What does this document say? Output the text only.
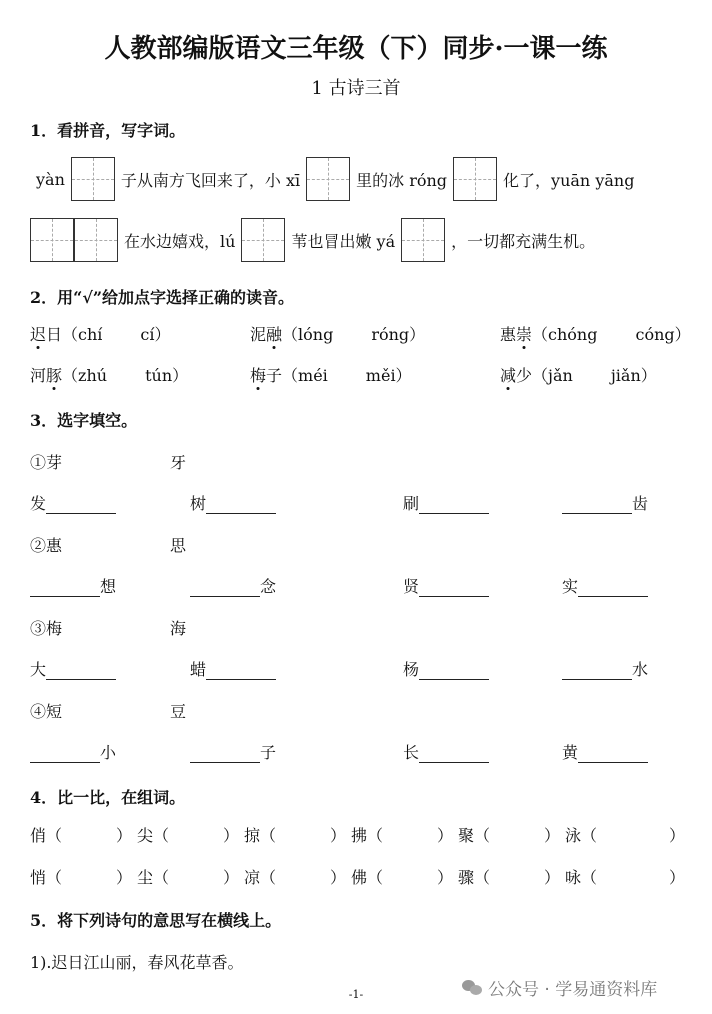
人教部编版语文三年级（下）同步·一课一练
1 古诗三首
1．看拼音，写字词。
yàn	子从南方飞回来了，小 xī	里的冰 róng	化了，yuān yāng
在水边嬉戏，lú	苇也冒出嫩 yá	，一切都充满生机。
2．用“√”给加点字选择正确的读音。
迟日（chí cí）	泥融（lóng róng）	惠崇（chóng cóng）
河豚（zhú tún）	梅子（méi měi）	减少（jǎn jiǎn）
3．选字填空。
①芽	牙
发	树	刷	齿
②惠	思
想	念	贤	实
③梅	海
大	蜡	杨	水
④短	豆
小	子	长	黄
4．比一比，在组词。
俏（	） 尖（	） 掠（	） 拂（	） 聚（	） 泳（	）
悄（	） 尘（	） 凉（	） 佛（	） 骤（	） 咏（	）
5．将下列诗句的意思写在横线上。
1).迟日江山丽，春风花草香。
-1-	公众号 · 学易通资料库
